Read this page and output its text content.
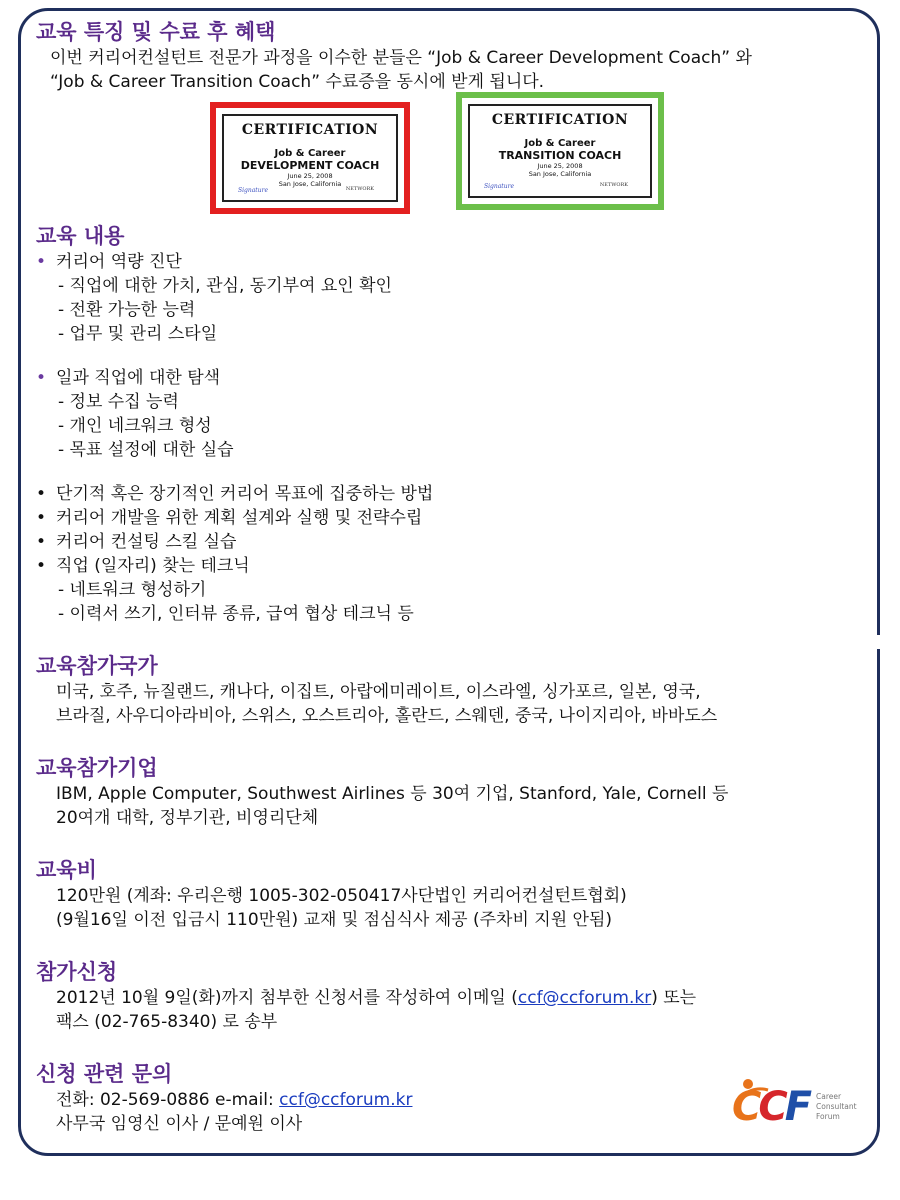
교육 특징 및 수료 후 혜택

이번 커리어컨설턴트 전문가 과정을 이수한 분들은 “Job & Career Development Coach” 와

“Job & Career Transition Coach” 수료증을 동시에 받게 됩니다.

CERTIFICATION
Job & Career
DEVELOPMENT COACH
June 25, 2008
San Jose, California
Signature	NETWORK
CERTIFICATION
Job & Career
TRANSITION COACH
June 25, 2008
San Jose, California
Signature	NETWORK
교육 내용

• 커리어 역량 진단

- 직업에 대한 가치, 관심, 동기부여 요인 확인

- 전환 가능한 능력

- 업무 및 관리 스타일

• 일과 직업에 대한 탐색

- 정보 수집 능력

- 개인 네크워크 형성

- 목표 설정에 대한 실습

• 단기적 혹은 장기적인 커리어 목표에 집중하는 방법

• 커리어 개발을 위한 계획 설계와 실행 및 전략수립

• 커리어 컨설팅 스킬 실습

• 직업 (일자리) 찾는 테크닉

- 네트워크 형성하기

- 이력서 쓰기, 인터뷰 종류, 급여 협상 테크닉 등

교육참가국가

미국, 호주, 뉴질랜드, 캐나다, 이집트, 아랍에미레이트, 이스라엘, 싱가포르, 일본, 영국,

브라질, 사우디아라비아, 스위스, 오스트리아, 홀란드, 스웨덴, 중국, 나이지리아, 바바도스

교육참가기업

IBM, Apple Computer, Southwest Airlines 등 30여 기업, Stanford, Yale, Cornell 등

20여개 대학, 정부기관, 비영리단체

교육비

120만원 (계좌: 우리은행 1005-302-050417사단법인 커리어컨설턴트협회)

(9월16일 이전 입금시 110만원) 교재 및 점심식사 제공 (주차비 지원 안됨)

참가신청

2012년 10월 9일(화)까지 첨부한 신청서를 작성하여 이메일 (ccf@ccforum.kr) 또는

팩스 (02-765-8340) 로 송부

신청 관련 문의

전화: 02-569-0886 e-mail: ccf@ccforum.kr

사무국 임영신 이사 / 문예원 이사	CCF Career
Consultant
Forum
